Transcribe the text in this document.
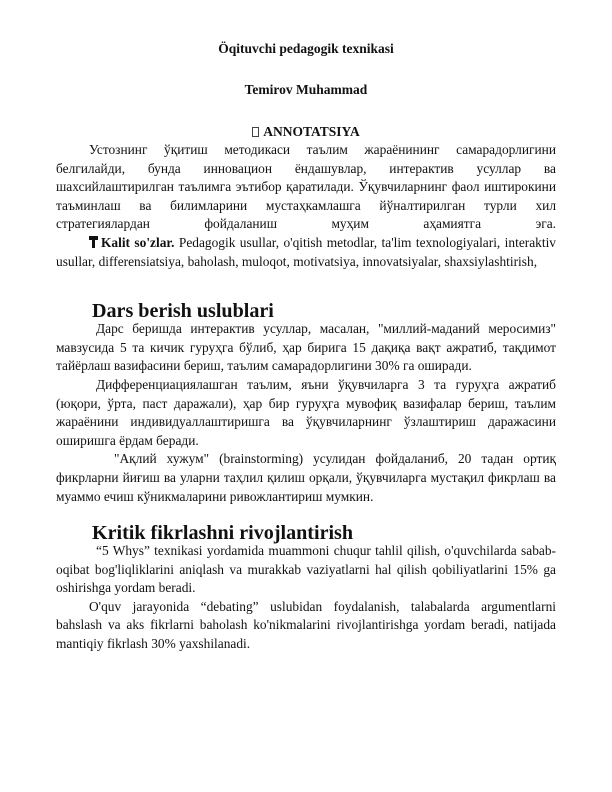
Öqituvchi pedagogik texnikasi
Temirov Muhammad
ANNOTATSIYA

Устознинг ўқитиш методикаси таълим жараёнининг самарадорлигини белгилайди, бунда инновацион ёндашувлар, интерактив усуллар ва шахсийлаштирилган таълимга эътибор қаратилади. Ўқувчиларнинг фаол иштирокини таъминлаш ва билимларини мустаҳкамлашга йўналтирилган турли хил стратегиялардан фойдаланиш муҳим аҳамиятга эга.

Kalit so'zlar. Pedagogik usullar, o'qitish metodlar, ta'lim texnologiyalari, interaktiv usullar, differensiatsiya, baholash, muloqot, motivatsiya, innovatsiyalar, shaxsiylashtirish,

Dars berish uslublari

Дарс беришда интерактив усуллар, масалан, "миллий-маданий меросимиз" мавзусида 5 та кичик гуруҳга бўлиб, ҳар бирига 15 дақиқа вақт ажратиб, тақдимот тайёрлаш вазифасини бериш, таълим самарадорлигини 30% га оширади.

Дифференциациялашган таълим, яъни ўқувчиларга 3 та гуруҳга ажратиб (юқори, ўрта, паст даражали), ҳар бир гуруҳга мувофиқ вазифалар бериш, таълим жараёнини индивидуаллаштиришга ва ўқувчиларнинг ўзлаштириш даражасини оширишга ёрдам беради.

"Ақлий хужум" (brainstorming) усулидан фойдаланиб, 20 тадан ортиқ фикрларни йиғиш ва уларни таҳлил қилиш орқали, ўқувчиларга мустақил фикрлаш ва муаммо ечиш кўникмаларини ривожлантириш мумкин.

Kritik fikrlashni rivojlantirish

“5 Whys” texnikasi yordamida muammoni chuqur tahlil qilish, o'quvchilarda sabab-oqibat bog'liqliklarini aniqlash va murakkab vaziyatlarni hal qilish qobiliyatlarini 15% ga oshirishga yordam beradi.

O'quv jarayonida “debating” uslubidan foydalanish, talabalarda argumentlarni bahslash va aks fikrlarni baholash ko'nikmalarini rivojlantirishga yordam beradi, natijada mantiqiy fikrlash 30% yaxshilanadi.
